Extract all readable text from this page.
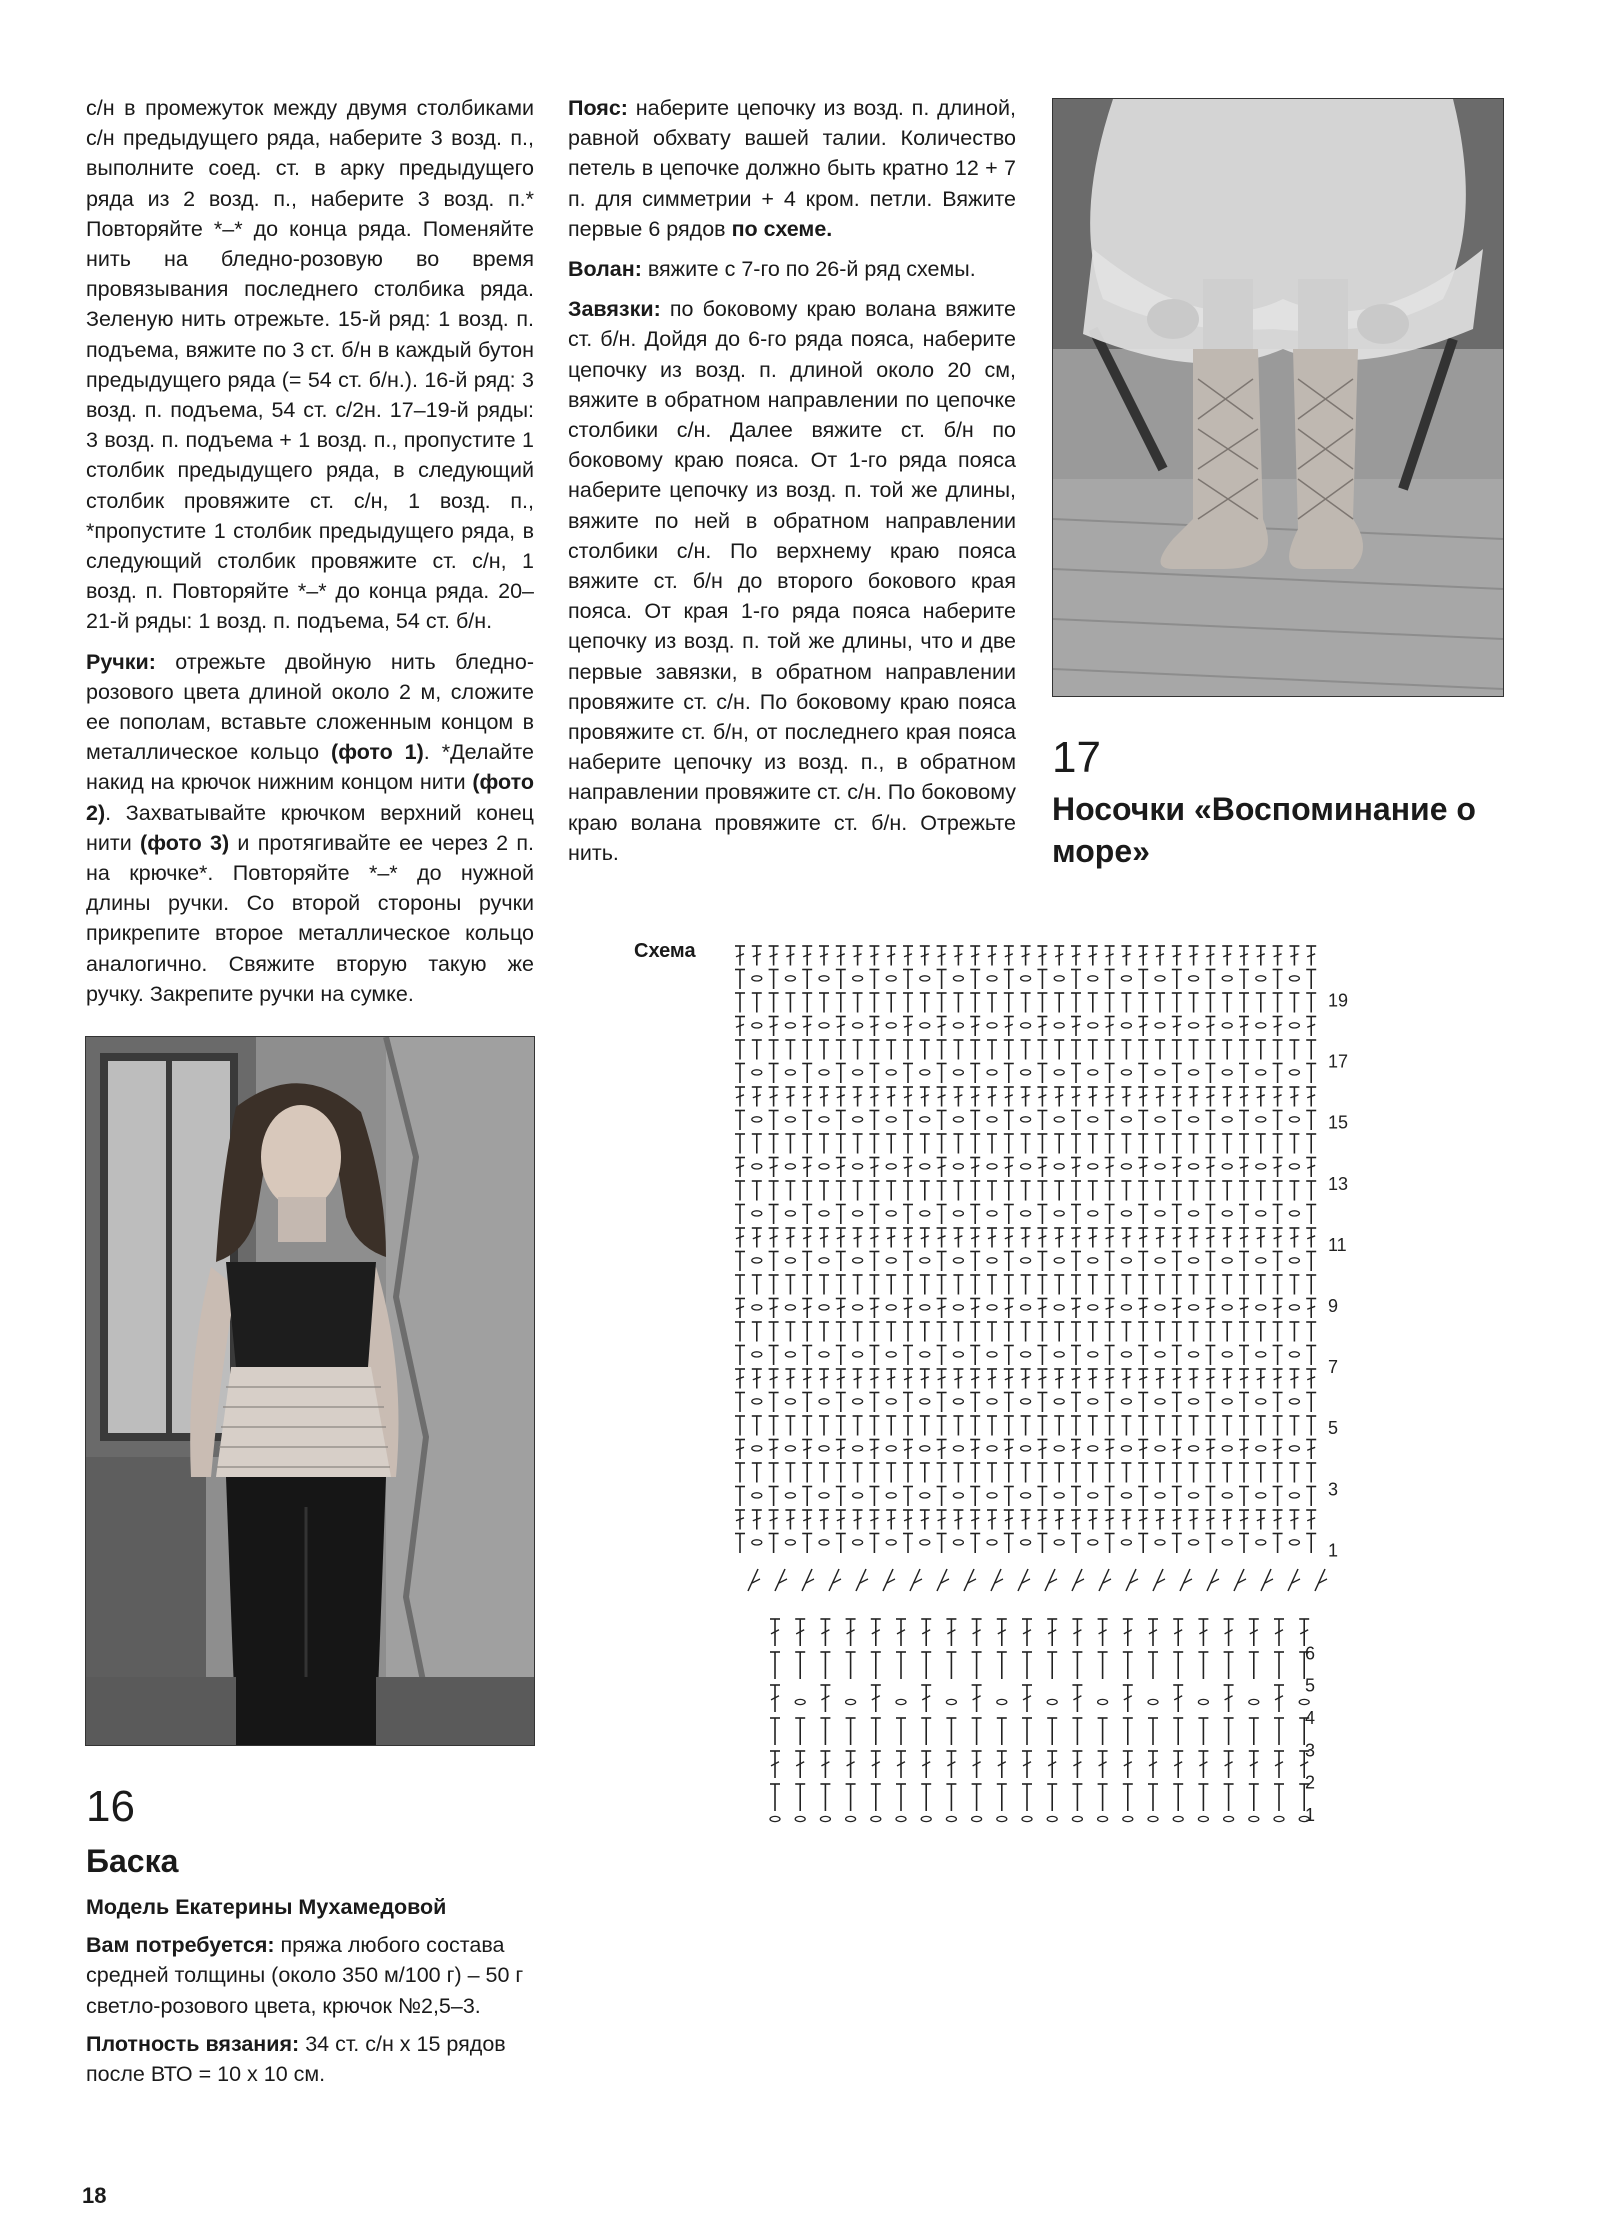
с/н в промежуток между двумя столбиками с/н предыдущего ряда, наберите 3 возд. п., выполните соед. ст. в арку предыдущего ряда из 2 возд. п., наберите 3 возд. п.* Повторяйте *–* до конца ряда. Поменяйте нить на бледно-розовую во время провязывания последнего столбика ряда. Зеленую нить отрежьте. 15-й ряд: 1 возд. п. подъема, вяжите по 3 ст. б/н в каждый бутон предыдущего ряда (= 54 ст. б/н.). 16-й ряд: 3 возд. п. подъема, 54 ст. с/2н. 17–19-й ряды: 3 возд. п. подъема + 1 возд. п., пропустите 1 столбик предыдущего ряда, в следующий столбик провяжите ст. с/н, 1 возд. п., *пропустите 1 столбик предыдущего ряда, в следующий столбик провяжите ст. с/н, 1 возд. п. Повторяйте *–* до конца ряда. 20–21-й ряды: 1 возд. п. подъема, 54 ст. б/н.

Ручки: отрежьте двойную нить бледно-розового цвета длиной около 2 м, сложите ее пополам, вставьте сложенным концом в металлическое кольцо (фото 1). *Делайте накид на крючок нижним концом нити (фото 2). Захватывайте крючком верхний конец нити (фото 3) и протягивайте ее через 2 п. на крючке*. Повторяйте *–* до нужной длины ручки. Со второй стороны ручки прикрепите второе металлическое кольцо аналогично. Свяжите вторую такую же ручку. Закрепите ручки на сумке.

Пояс: наберите цепочку из возд. п. длиной, равной обхвату вашей талии. Количество петель в цепочке должно быть кратно 12 + 7 п. для симметрии + 4 кром. петли. Вяжите первые 6 рядов по схеме.

Волан: вяжите с 7-го по 26-й ряд схемы.

Завязки: по боковому краю волана вяжите ст. б/н. Дойдя до 6-го ряда пояса, наберите цепочку из возд. п. длиной около 20 см, вяжите в обратном направлении по цепочке столбики с/н. Далее вяжите ст. б/н по боковому краю пояса. От 1-го ряда пояса наберите цепочку из возд. п. той же длины, вяжите по ней в обратном направлении столбики с/н. По верхнему краю пояса вяжите ст. б/н до второго бокового края пояса. От края 1-го ряда пояса наберите цепочку из возд. п. той же длины, что и две первые завязки, в обратном направлении провяжите ст. с/н. По боковому краю пояса провяжите ст. б/н, от последнего края пояса наберите цепочку из возд. п., в обратном направлении провяжите ст. с/н. По боковому краю волана провяжите ст. б/н. Отрежьте нить.

17
Носочки «Воспоминание о море»
16
Баска

Модель Екатерины Мухамедовой

Вам потребуется: пряжа любого состава средней толщины (около 350 м/100 г) – 50 г светло-розового цвета, крючок №2,5–3.

Плотность вязания: 34 ст. с/н х 15 рядов после ВТО = 10 х 10 см.

Схема
19
17
15
13
11
9
7
5
3
1
6
5
4
3
2
1
18
